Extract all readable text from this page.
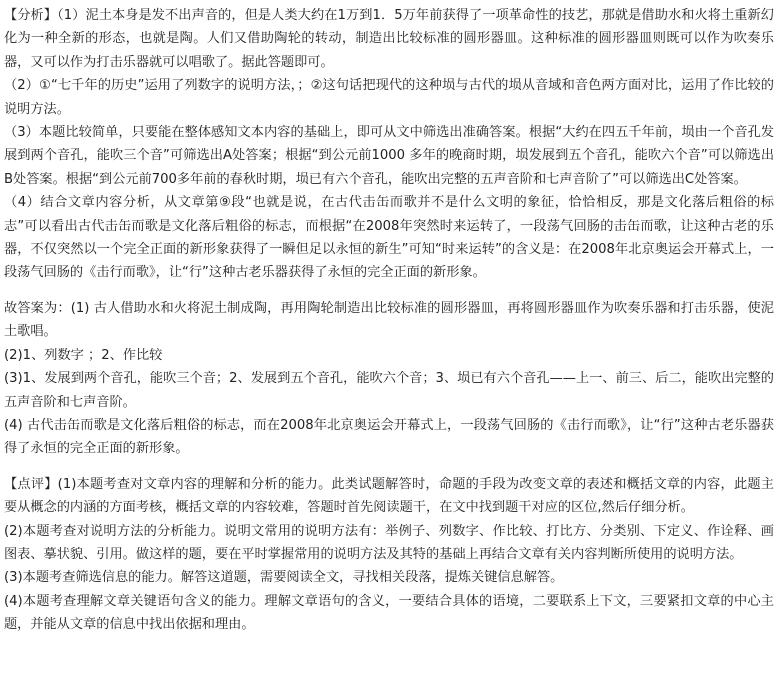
【分析】（1）泥土本身是发不出声音的，但是人类大约在1万到1．5万年前获得了一项革命性的技艺，那就是借助水和火将土重新幻化为一种全新的形态，也就是陶。人们又借助陶轮的转动，制造出比较标准的圆形器皿。这种标准的圆形器皿则既可以作为吹奏乐器，又可以作为打击乐器就可以唱歌了。据此答题即可。

（2）①“七千年的历史”运用了列数字的说明方法，；②这句话把现代的这种埙与古代的埙从音域和音色两方面对比，运用了作比较的说明方法。

（3）本题比较简单，只要能在整体感知文本内容的基础上，即可从文中筛选出准确答案。根据“大约在四五千年前，埙由一个音孔发展到两个音孔，能吹三个音”可筛选出A处答案；根据“到公元前1000 多年的晚商时期，埙发展到五个音孔，能吹六个音”可以筛选出B处答案。根据“到公元前700多年前的春秋时期，埙已有六个音孔，能吹出完整的五声音阶和七声音阶了”可以筛选出C处答案。

（4）结合文章内容分析，从文章第⑨段“也就是说，在古代击缶而歌并不是什么文明的象征，恰恰相反，那是文化落后粗俗的标志”可以看出古代击缶而歌是文化落后粗俗的标志，而根据“在2008年突然时来运转了，一段荡气回肠的击缶而歌，让这种古老的乐器，不仅突然以一个完全正面的新形象获得了一瞬但足以永恒的新生”可知“时来运转”的含义是：在2008年北京奥运会开幕式上，一段荡气回肠的《击行而歌》，让“行”这种古老乐器获得了永恒的完全正面的新形象。

故答案为：(1) 古人借助水和火将泥土制成陶，再用陶轮制造出比较标准的圆形器皿，再将圆形器皿作为吹奏乐器和打击乐器，使泥土歌唱。

(2)1、列数字 ；2、作比较

(3)1、发展到两个音孔，能吹三个音；2、发展到五个音孔，能吹六个音；3、埙已有六个音孔——上一、前三、后二，能吹出完整的五声音阶和七声音阶。

(4) 古代击缶而歌是文化落后粗俗的标志，而在2008年北京奥运会开幕式上，一段荡气回肠的《击行而歌》，让“行”这种古老乐器获得了永恒的完全正面的新形象。

【点评】(1)本题考查对文章内容的理解和分析的能力。此类试题解答时，命题的手段为改变文章的表述和概括文章的内容，此题主要从概念的内涵的方面考核，概括文章的内容较难，答题时首先阅读题干，在文中找到题干对应的区位,然后仔细分析。

(2)本题考查对说明方法的分析能力。说明文常用的说明方法有：举例子、列数字、作比较、打比方、分类别、下定义、作诠释、画图表、摹状貌、引用。做这样的题，要在平时掌握常用的说明方法及其特的基础上再结合文章有关内容判断所使用的说明方法。

(3)本题考查筛选信息的能力。解答这道题，需要阅读全文，寻找相关段落，提炼关键信息解答。

(4)本题考查理解文章关键语句含义的能力。理解文章语句的含义，一要结合具体的语境，二要联系上下文，三要紧扣文章的中心主题，并能从文章的信息中找出依据和理由。
